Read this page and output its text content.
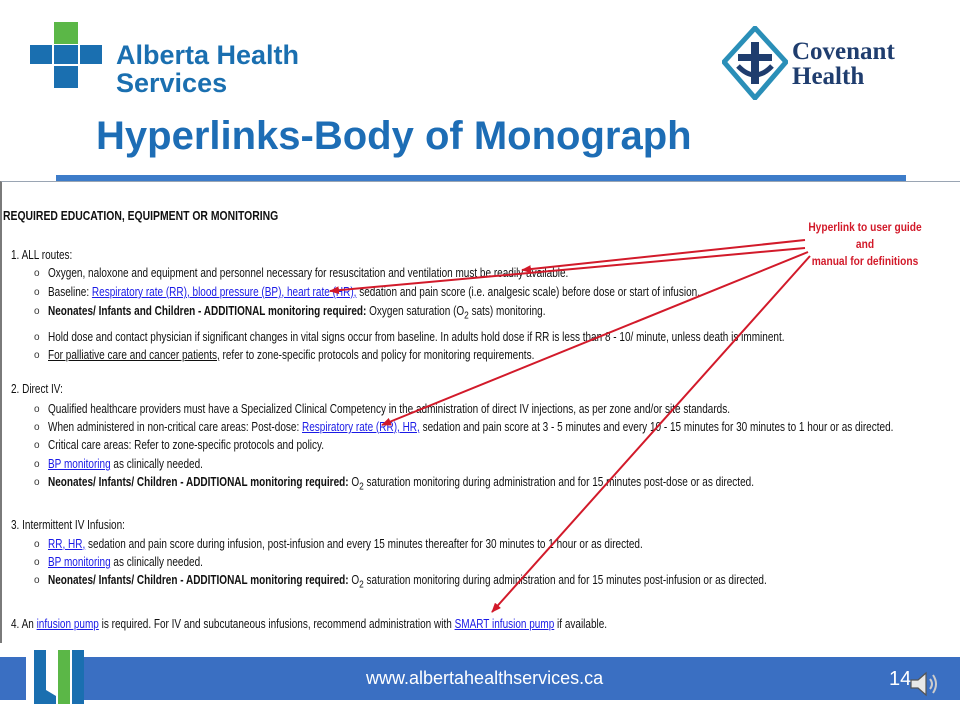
Alberta Health
Services
Covenant
Health
Hyperlinks-Body of Monograph
REQUIRED EDUCATION, EQUIPMENT OR MONITORING
1. ALL routes:
o Oxygen, naloxone and equipment and personnel necessary for resuscitation and ventilation must be readily available.
o Baseline: Respiratory rate (RR), blood pressure (BP), heart rate (HR), sedation and pain score (i.e. analgesic scale) before dose or start of infusion.
o Neonates/ Infants and Children - ADDITIONAL monitoring required: Oxygen saturation ($O_2$ sats) monitoring.
o Hold dose and contact physician if significant changes in vital signs occur from baseline. In adults hold dose if RR is less than 8 - 10/ minute, unless death is imminent.
o For palliative care and cancer patients, refer to zone-specific protocols and policy for monitoring requirements.
2. Direct IV:
o Qualified healthcare providers must have a Specialized Clinical Competency in the administration of direct IV injections, as per zone and/or site standards.
o When administered in non-critical care areas: Post-dose: Respiratory rate (RR), HR, sedation and pain score at 3 - 5 minutes and every 10 - 15 minutes for 30 minutes to 1 hour or as directed.
o Critical care areas: Refer to zone-specific protocols and policy.
o BP monitoring as clinically needed.
o Neonates/ Infants/ Children - ADDITIONAL monitoring required: $O_2$ saturation monitoring during administration and for 15 minutes post-dose or as directed.
3. Intermittent IV Infusion:
o RR, HR, sedation and pain score during infusion, post-infusion and every 15 minutes thereafter for 30 minutes to 1 hour or as directed.
o BP monitoring as clinically needed.
o Neonates/ Infants/ Children - ADDITIONAL monitoring required: $O_2$ saturation monitoring during administration and for 15 minutes post-infusion or as directed.
4. An infusion pump is required. For IV and subcutaneous infusions, recommend administration with SMART infusion pump if available.
Hyperlink to user guide and
manual for definitions
www.albertahealthservices.ca	14
